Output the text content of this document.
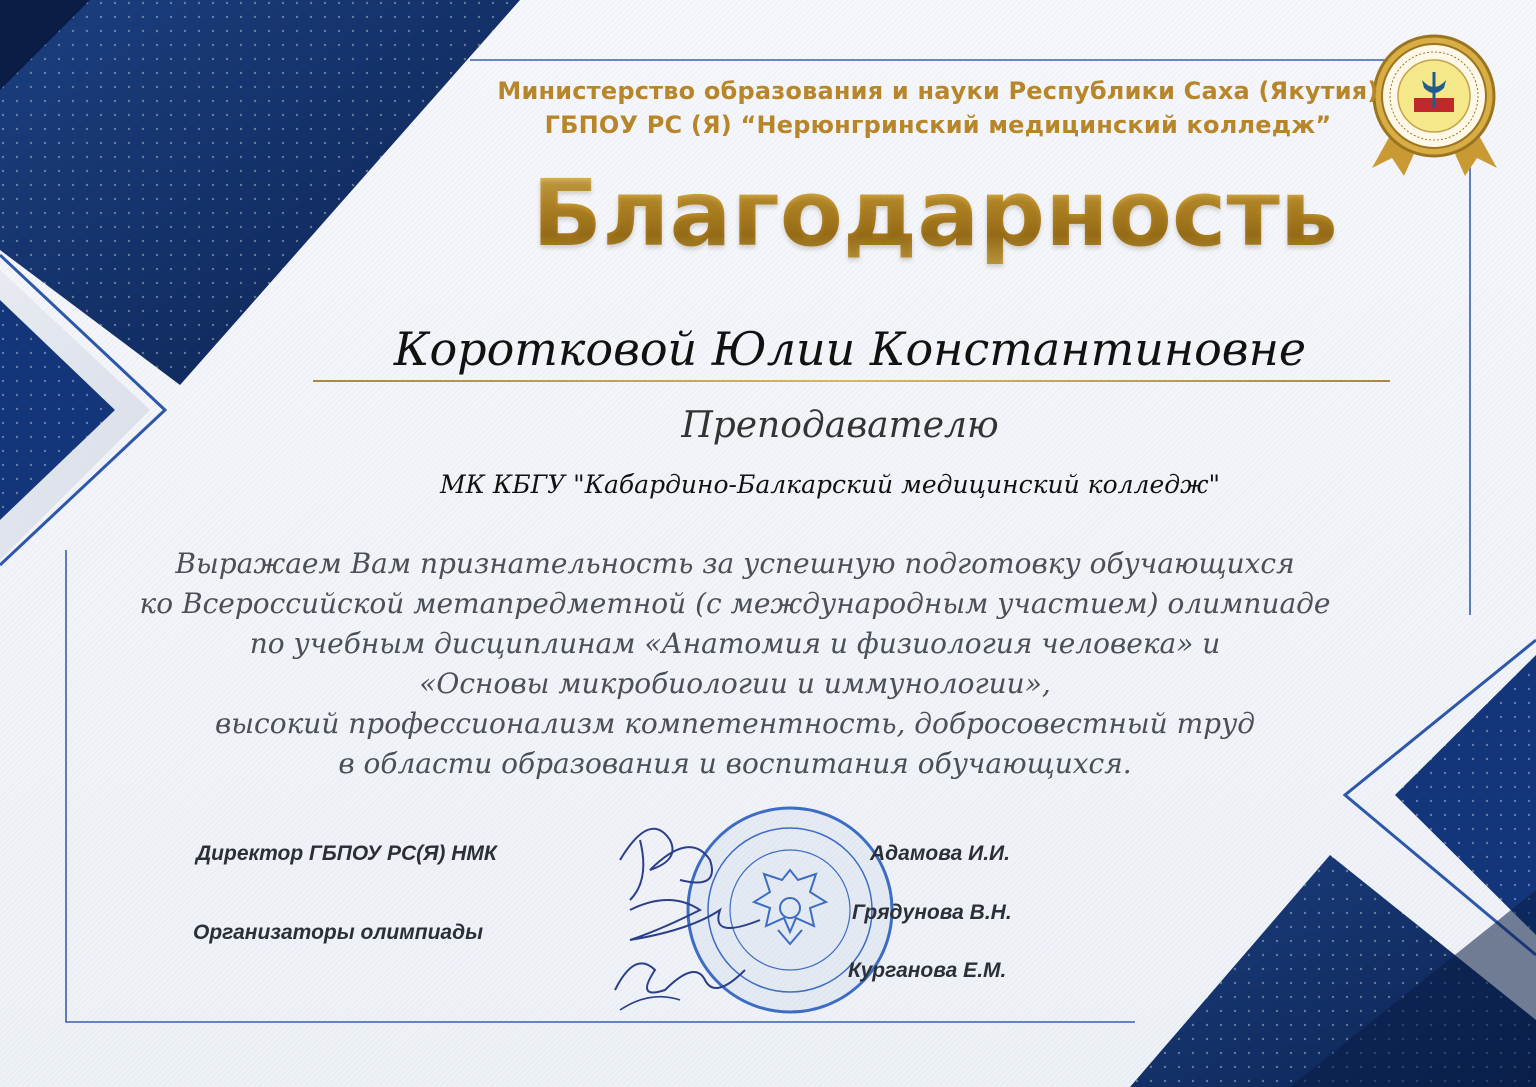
Министерство образования и науки Республики Саха (Якутия)
ГБПОУ РС (Я) “Нерюнгринский медицинский колледж”
Благодарность
Коротковой Юлии Константиновне
Преподавателю
МК КБГУ "Кабардино-Балкарский медицинский колледж"
Выражаем Вам признательность за успешную подготовку обучающихся
ко Всероссийской метапредметной (с международным участием) олимпиаде
по учебным дисциплинам «Анатомия и физиология человека» и
«Основы микробиологии и иммунологии»,
высокий профессионализм компетентность, добросовестный труд
в области образования и воспитания обучающихся.
Директор ГБПОУ РС(Я) НМК
Организаторы олимпиады
Адамова И.И.
Грядунова В.Н.
Курганова Е.М.
